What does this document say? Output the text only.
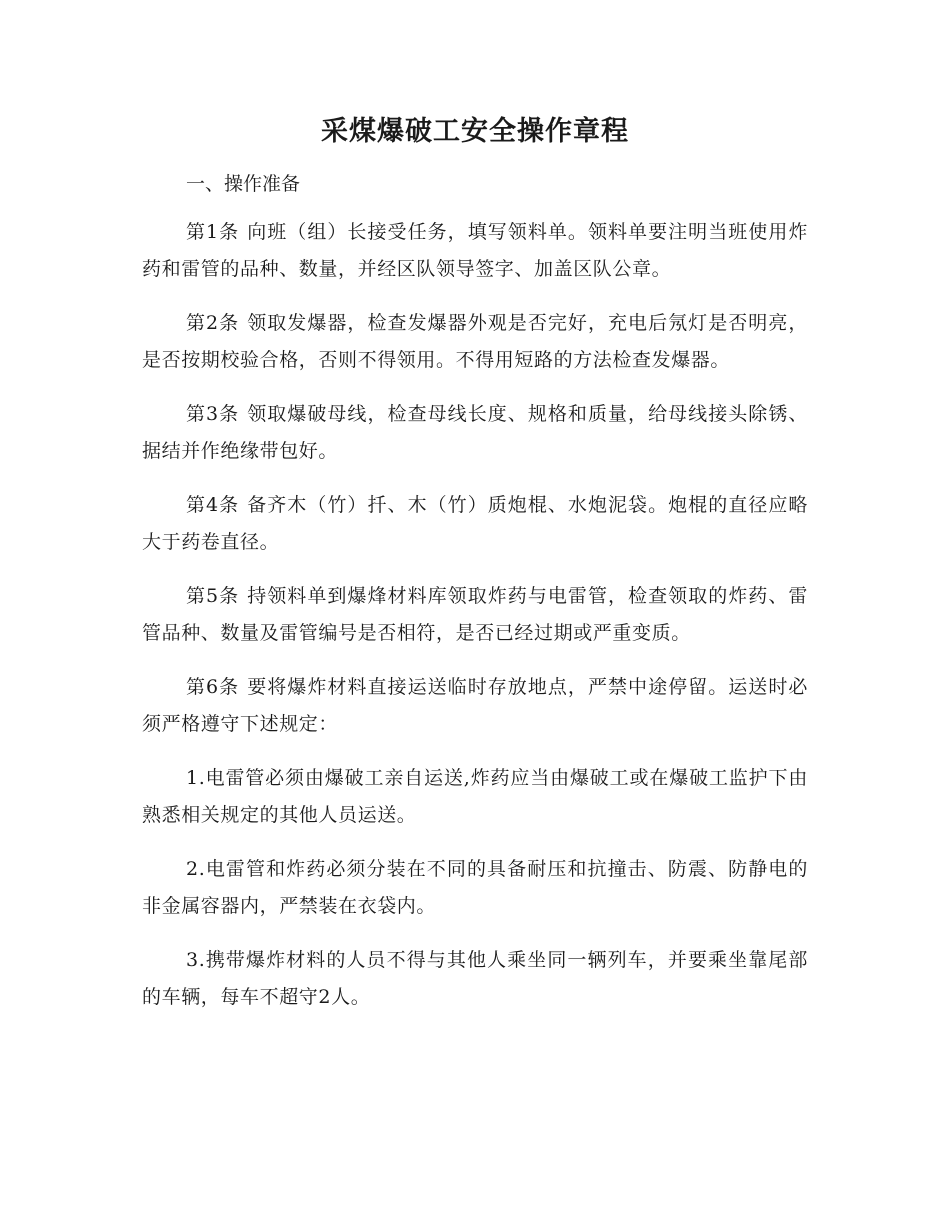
采煤爆破工安全操作章程

一、操作准备

第1条 向班（组）长接受任务，填写领料单。领料单要注明当班使用炸药和雷管的品种、数量，并经区队领导签字、加盖区队公章。

第2条 领取发爆器，检查发爆器外观是否完好，充电后氖灯是否明亮，是否按期校验合格，否则不得领用。不得用短路的方法检查发爆器。

第3条 领取爆破母线，检查母线长度、规格和质量，给母线接头除锈、据结并作绝缘带包好。

第4条 备齐木（竹）扦、木（竹）质炮棍、水炮泥袋。炮棍的直径应略大于药卷直径。

第5条 持领料单到爆烽材料库领取炸药与电雷管，检查领取的炸药、雷管品种、数量及雷管编号是否相符，是否已经过期或严重变质。

第6条 要将爆炸材料直接运送临时存放地点，严禁中途停留。运送时必须严格遵守下述规定：

1.电雷管必须由爆破工亲自运送,炸药应当由爆破工或在爆破工监护下由熟悉相关规定的其他人员运送。

2.电雷管和炸药必须分装在不同的具备耐压和抗撞击、防震、防静电的非金属容器内，严禁装在衣袋内。

3.携带爆炸材料的人员不得与其他人乘坐同一辆列车，并要乘坐靠尾部的车辆，每车不超守2人。
